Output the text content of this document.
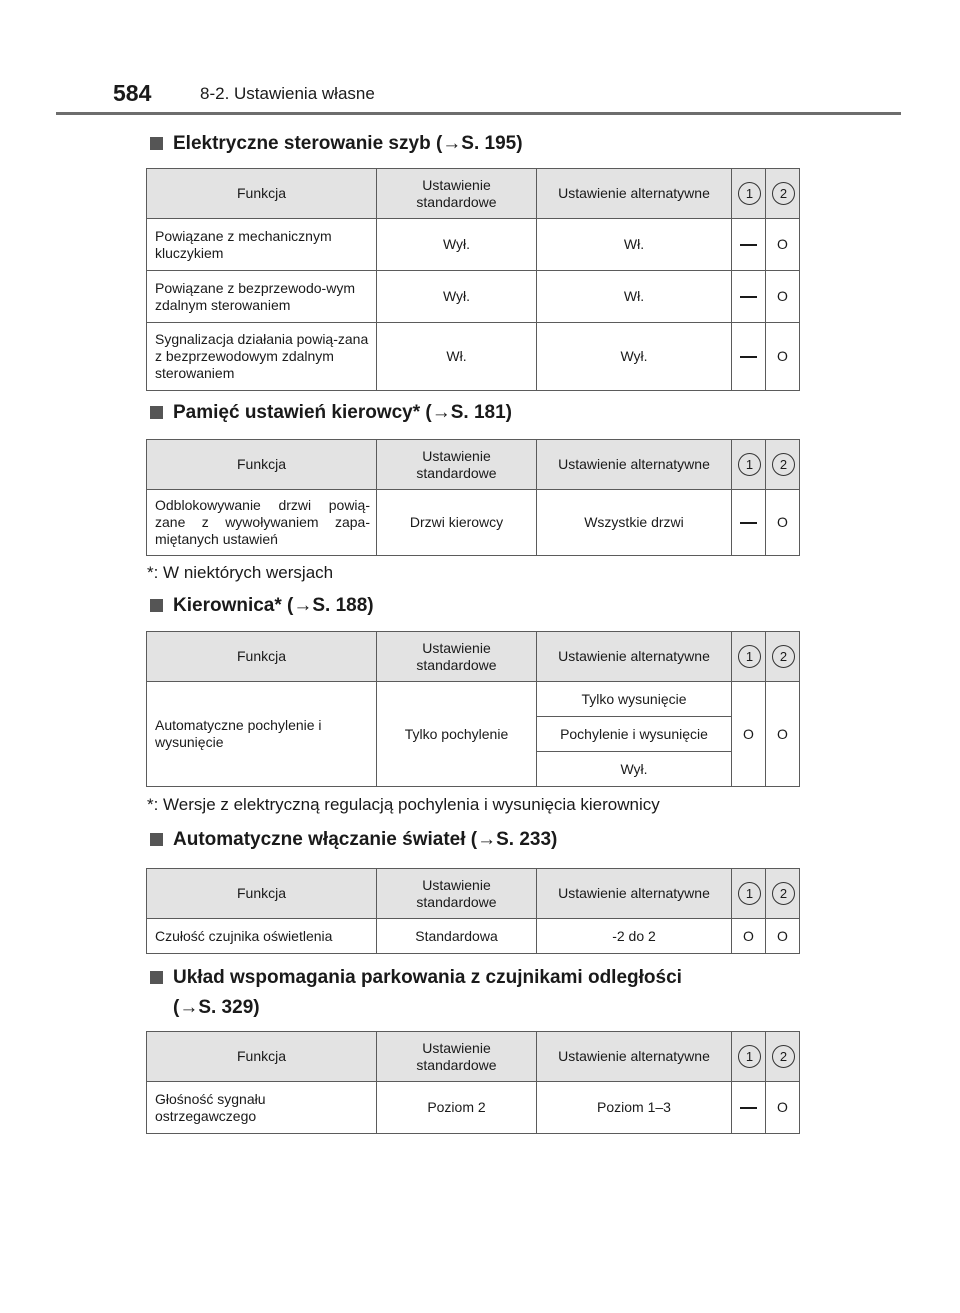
584	8-2. Ustawienia własne
Elektryczne sterowanie szyb (→S. 195)
Funkcja	Ustawienie standardowe	Ustawienie alternatywne	1	2
Powiązane z mechanicznym kluczykiem	Wył.	Wł.		O
Powiązane z bezprzewodo-wym zdalnym sterowaniem	Wył.	Wł.		O
Sygnalizacja działania powią-zana z bezprzewodowym zdalnym sterowaniem	Wł.	Wył.		O
Pamięć ustawień kierowcy* (→S. 181)
Funkcja	Ustawienie standardowe	Ustawienie alternatywne	1	2
Odblokowywanie drzwi powią-zane z wywoływaniem zapa-miętanych ustawień	Drzwi kierowcy	Wszystkie drzwi		O
*: W niektórych wersjach
Kierownica* (→S. 188)
Funkcja	Ustawienie standardowe	Ustawienie alternatywne	1	2
Automatyczne pochylenie i wysunięcie	Tylko pochylenie	Tylko wysunięcie	O	O
		Pochylenie i wysunięcie		
		Wył.		
*: Wersje z elektryczną regulacją pochylenia i wysunięcia kierownicy
Automatyczne włączanie świateł (→S. 233)
Funkcja	Ustawienie standardowe	Ustawienie alternatywne	1	2
Czułość czujnika oświetlenia	Standardowa	-2 do 2	O	O
Układ wspomagania parkowania z czujnikami odległości
(→S. 329)
Funkcja	Ustawienie standardowe	Ustawienie alternatywne	1	2
Głośność sygnału ostrzegawczego	Poziom 2	Poziom 1–3		O
